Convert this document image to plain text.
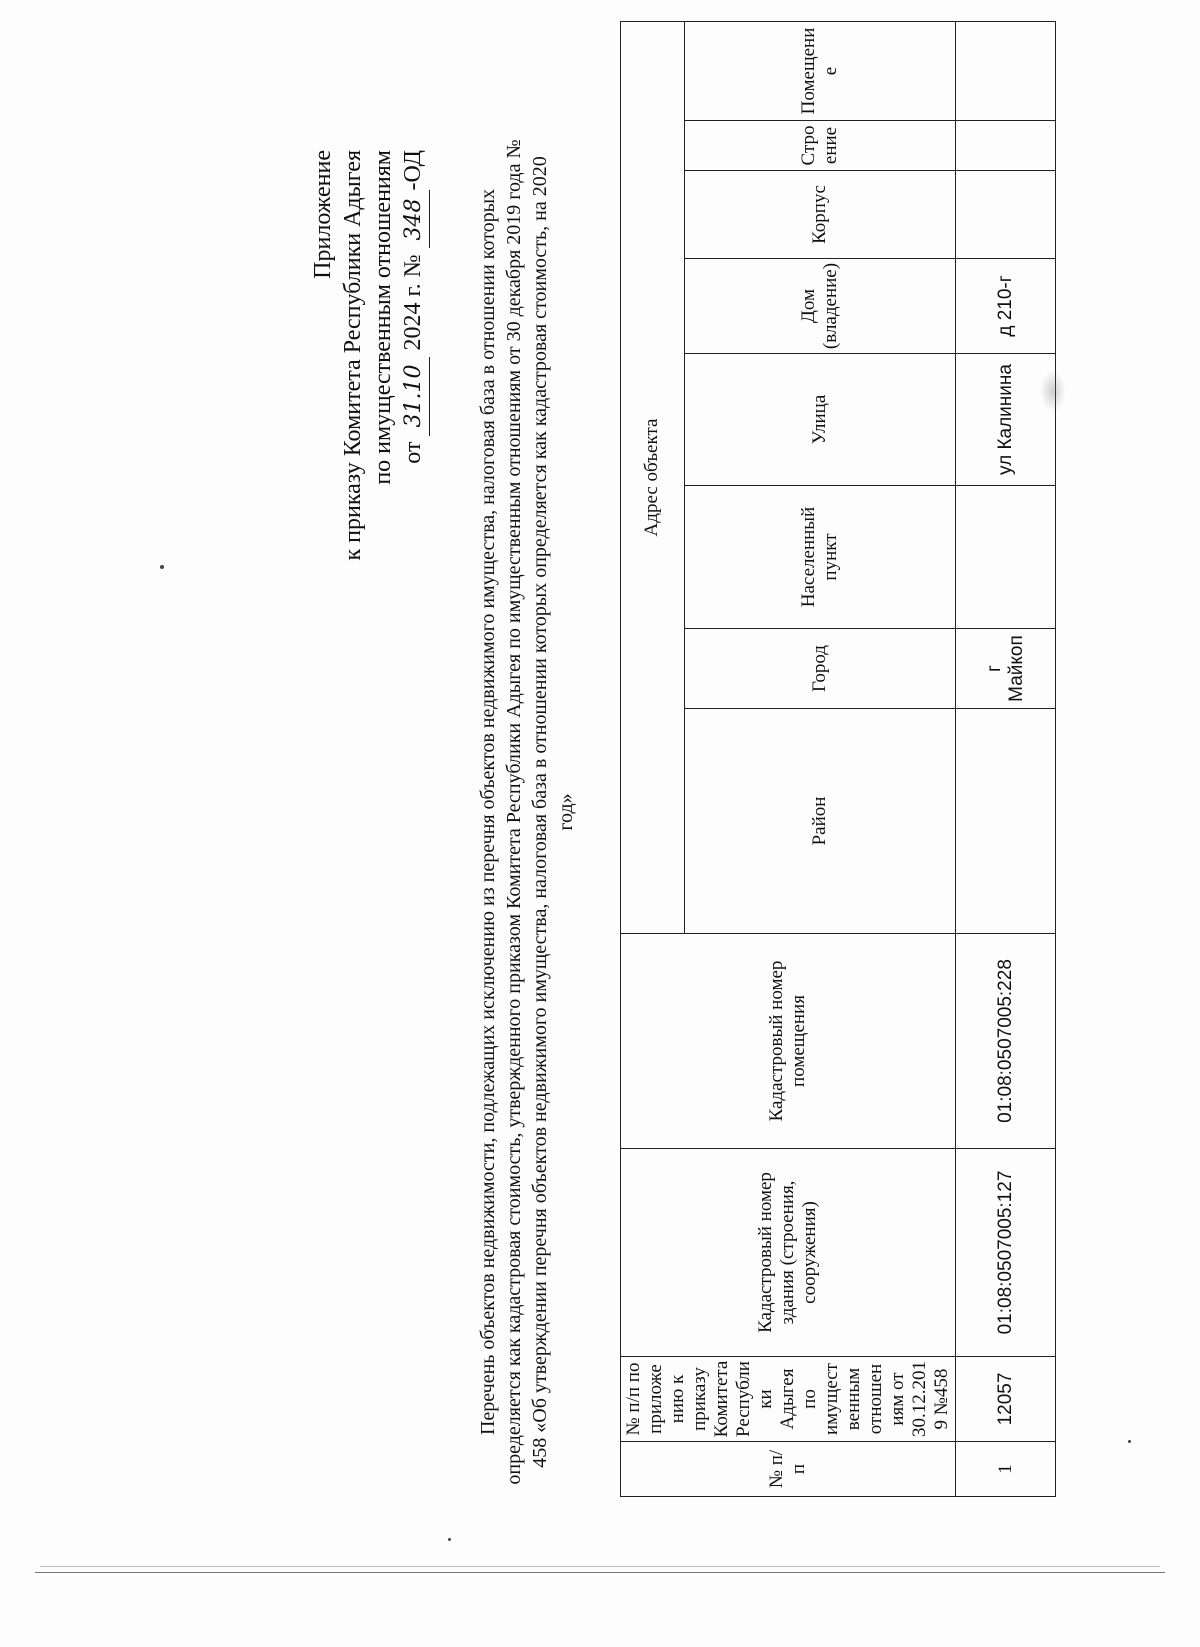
Приложение к приказу Комитета Республики Адыгея по имущественным отношениям от 31.10 2024 г. № 348-ОД
Перечень объектов недвижимости, подлежащих исключению из перечня объектов недвижимого имущества, налоговая база в отношении которых определяется как кадастровая стоимость, утвержденного приказом Комитета Республики Адыгея по имущественным отношениям от 30 декабря 2019 года № 458 «Об утверждении перечня объектов недвижимого имущества, налоговая база в отношении которых определяется как кадастровая стоимость, на 2020 год»
№ п/п	№ п/п по приложению к приказу Комитета Республики Адыгея по имущественным отношениям от 30.12.2019 №458	Кадастровый номер здания (строения, сооружения)	Кадастровый номер помещения	Адрес объекта							
				Район	Город	Населенный пункт	Улица	Дом (владение)	Корпус	Строение	Помещение
1	12057	01:08:0507005:127	01:08:0507005:228		г Майкоп		ул Калинина	д 210-г			
